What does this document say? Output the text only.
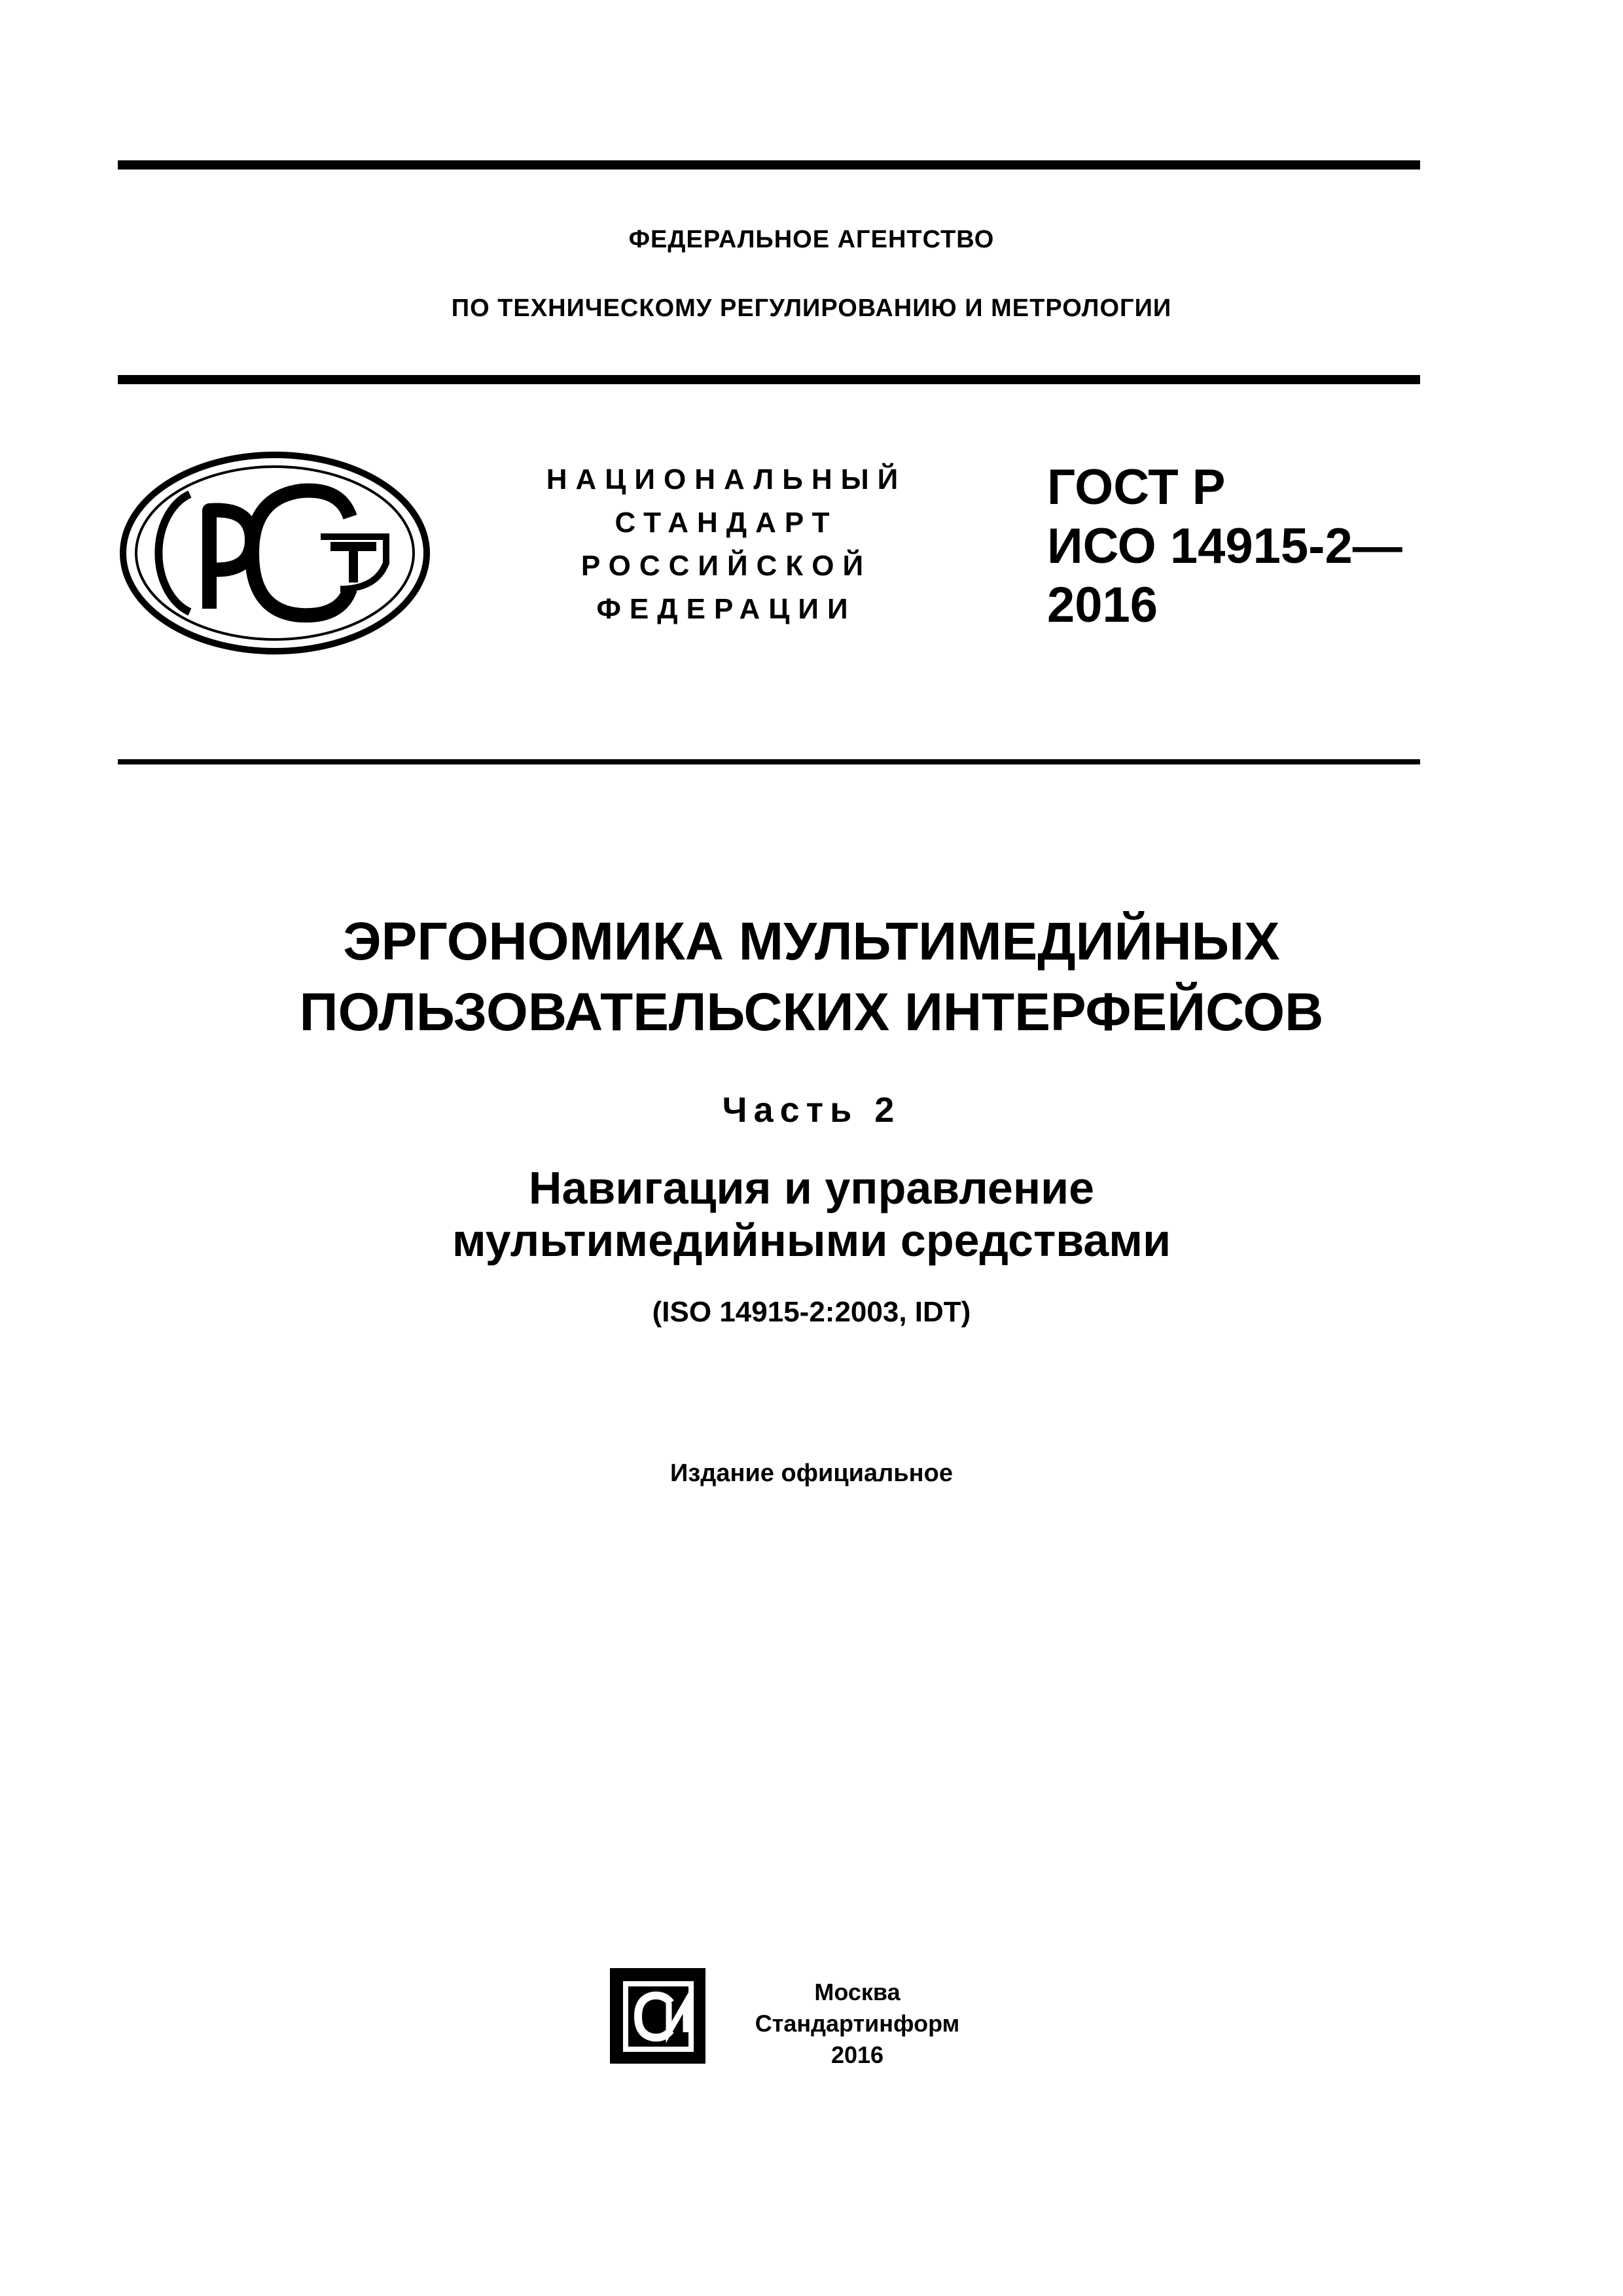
ФЕДЕРАЛЬНОЕ АГЕНТСТВО
ПО ТЕХНИЧЕСКОМУ РЕГУЛИРОВАНИЮ И МЕТРОЛОГИИ
НАЦИОНАЛЬНЫЙ
СТАНДАРТ
РОССИЙСКОЙ
ФЕДЕРАЦИИ
ГОСТ Р
ИСО 14915-2—
2016
ЭРГОНОМИКА МУЛЬТИМЕДИЙНЫХ
ПОЛЬЗОВАТЕЛЬСКИХ ИНТЕРФЕЙСОВ
Часть 2
Навигация и управление
мультимедийными средствами
(ISO 14915-2:2003, IDT)
Издание официальное
Москва
Стандартинформ
2016
